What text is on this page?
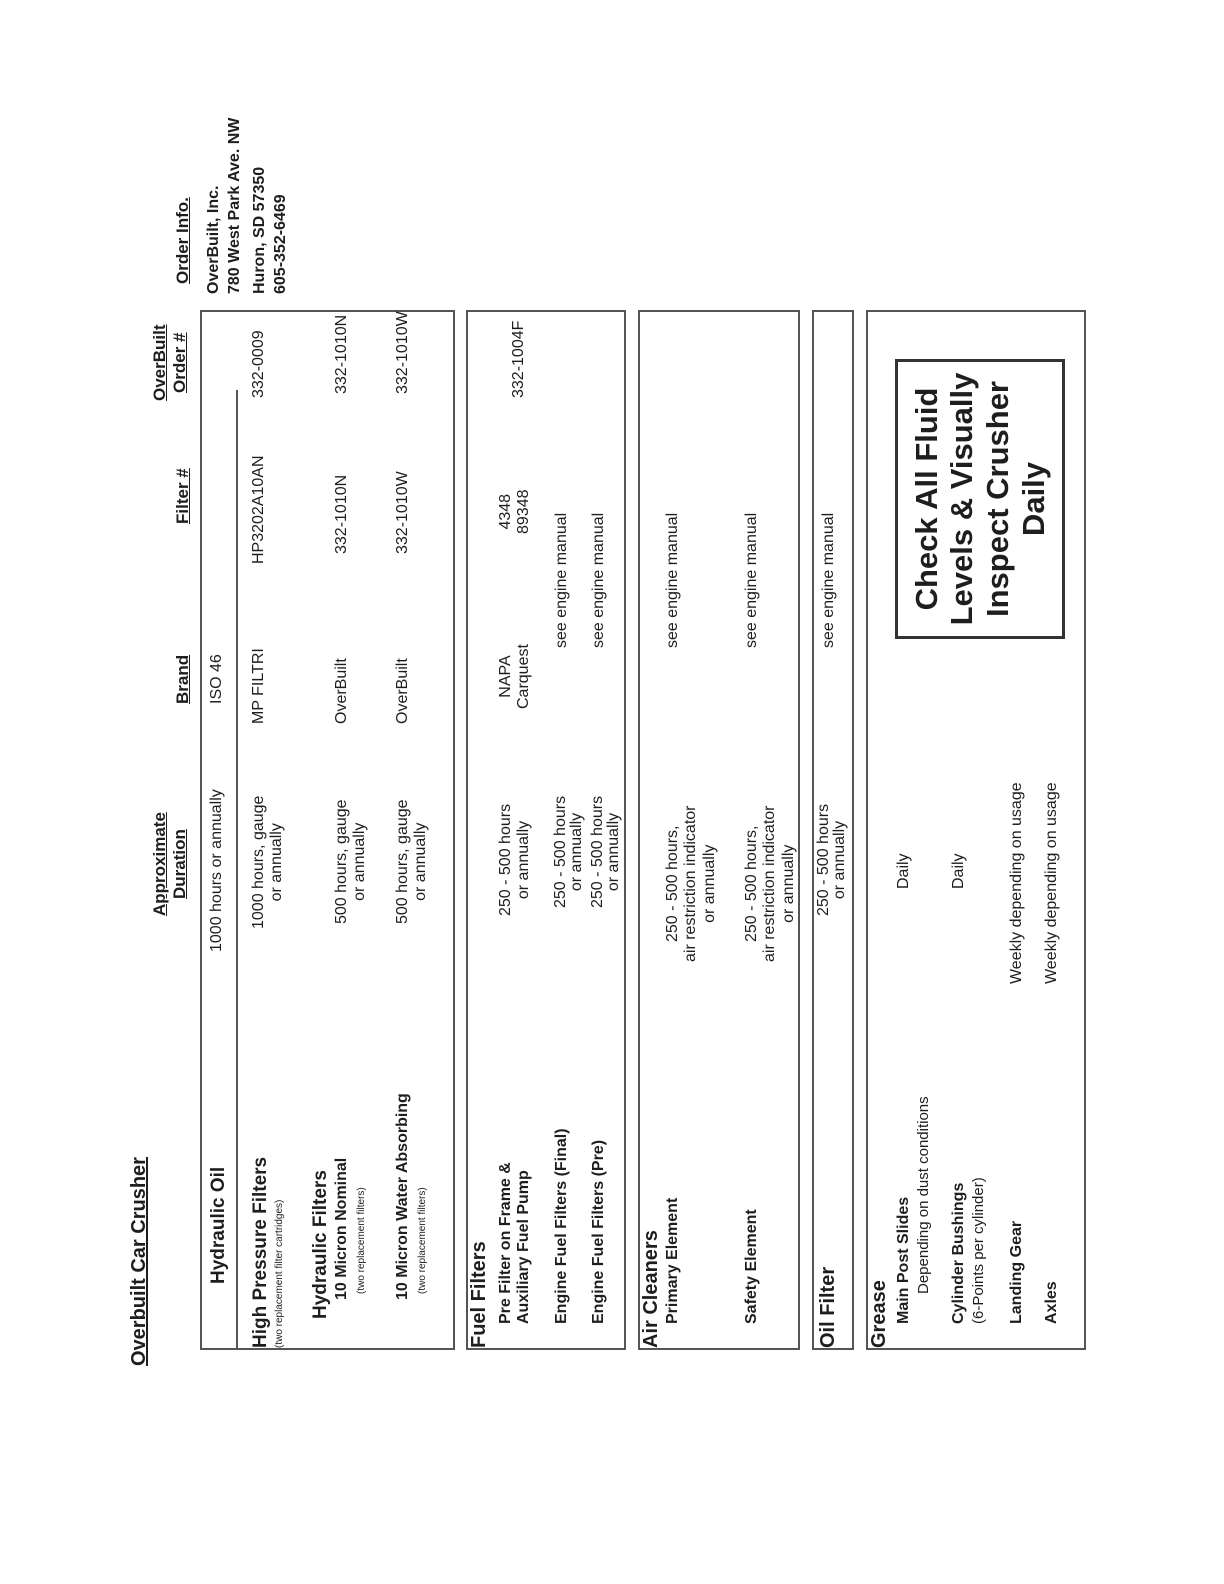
Overbuilt Car Crusher
Approximate
Duration
Brand
Filter #
OverBuilt
Order #
Order Info. OverBuilt, Inc. 780 West Park Ave. NW Huron, SD 57350 605-352-6469
Hydraulic Oil
1000 hours or annually
ISO 46
High Pressure Filters (two replacement filter cartridges)
1000 hours, gauge
or annually
MP FILTRI
HP3202A10AN
332-0009
Hydraulic Filters 10 Micron Nominal (two replacement filters)
500 hours, gauge
or annually
OverBuilt
332-1010N
332-1010N
10 Micron Water Absorbing (two replacement filters)
500 hours, gauge
or annually
OverBuilt
332-1010W
332-1010W
Fuel Filters Pre Filter on Frame &
Auxiliary Fuel Pump
250 - 500 hours
or annually
NAPA
Carquest
4348
89348
332-1004F
Engine Fuel Filters (Final)
250 - 500 hours
or annually
see engine manual
Engine Fuel Filters (Pre)
250 - 500 hours
or annually
see engine manual
Air Cleaners Primary Element
250 - 500 hours,
air restriction indicator
or annually
see engine manual
Safety Element
250 - 500 hours,
air restriction indicator
or annually
see engine manual
Oil Filter
250 - 500 hours
or annually
see engine manual
Grease Main Post Slides Depending on dust conditions
Daily
Cylinder Bushings (6-Points per cylinder)
Daily
Landing Gear
Weekly depending on usage
Axles
Weekly depending on usage
Check All Fluid
Levels & Visually
Inspect Crusher
Daily
